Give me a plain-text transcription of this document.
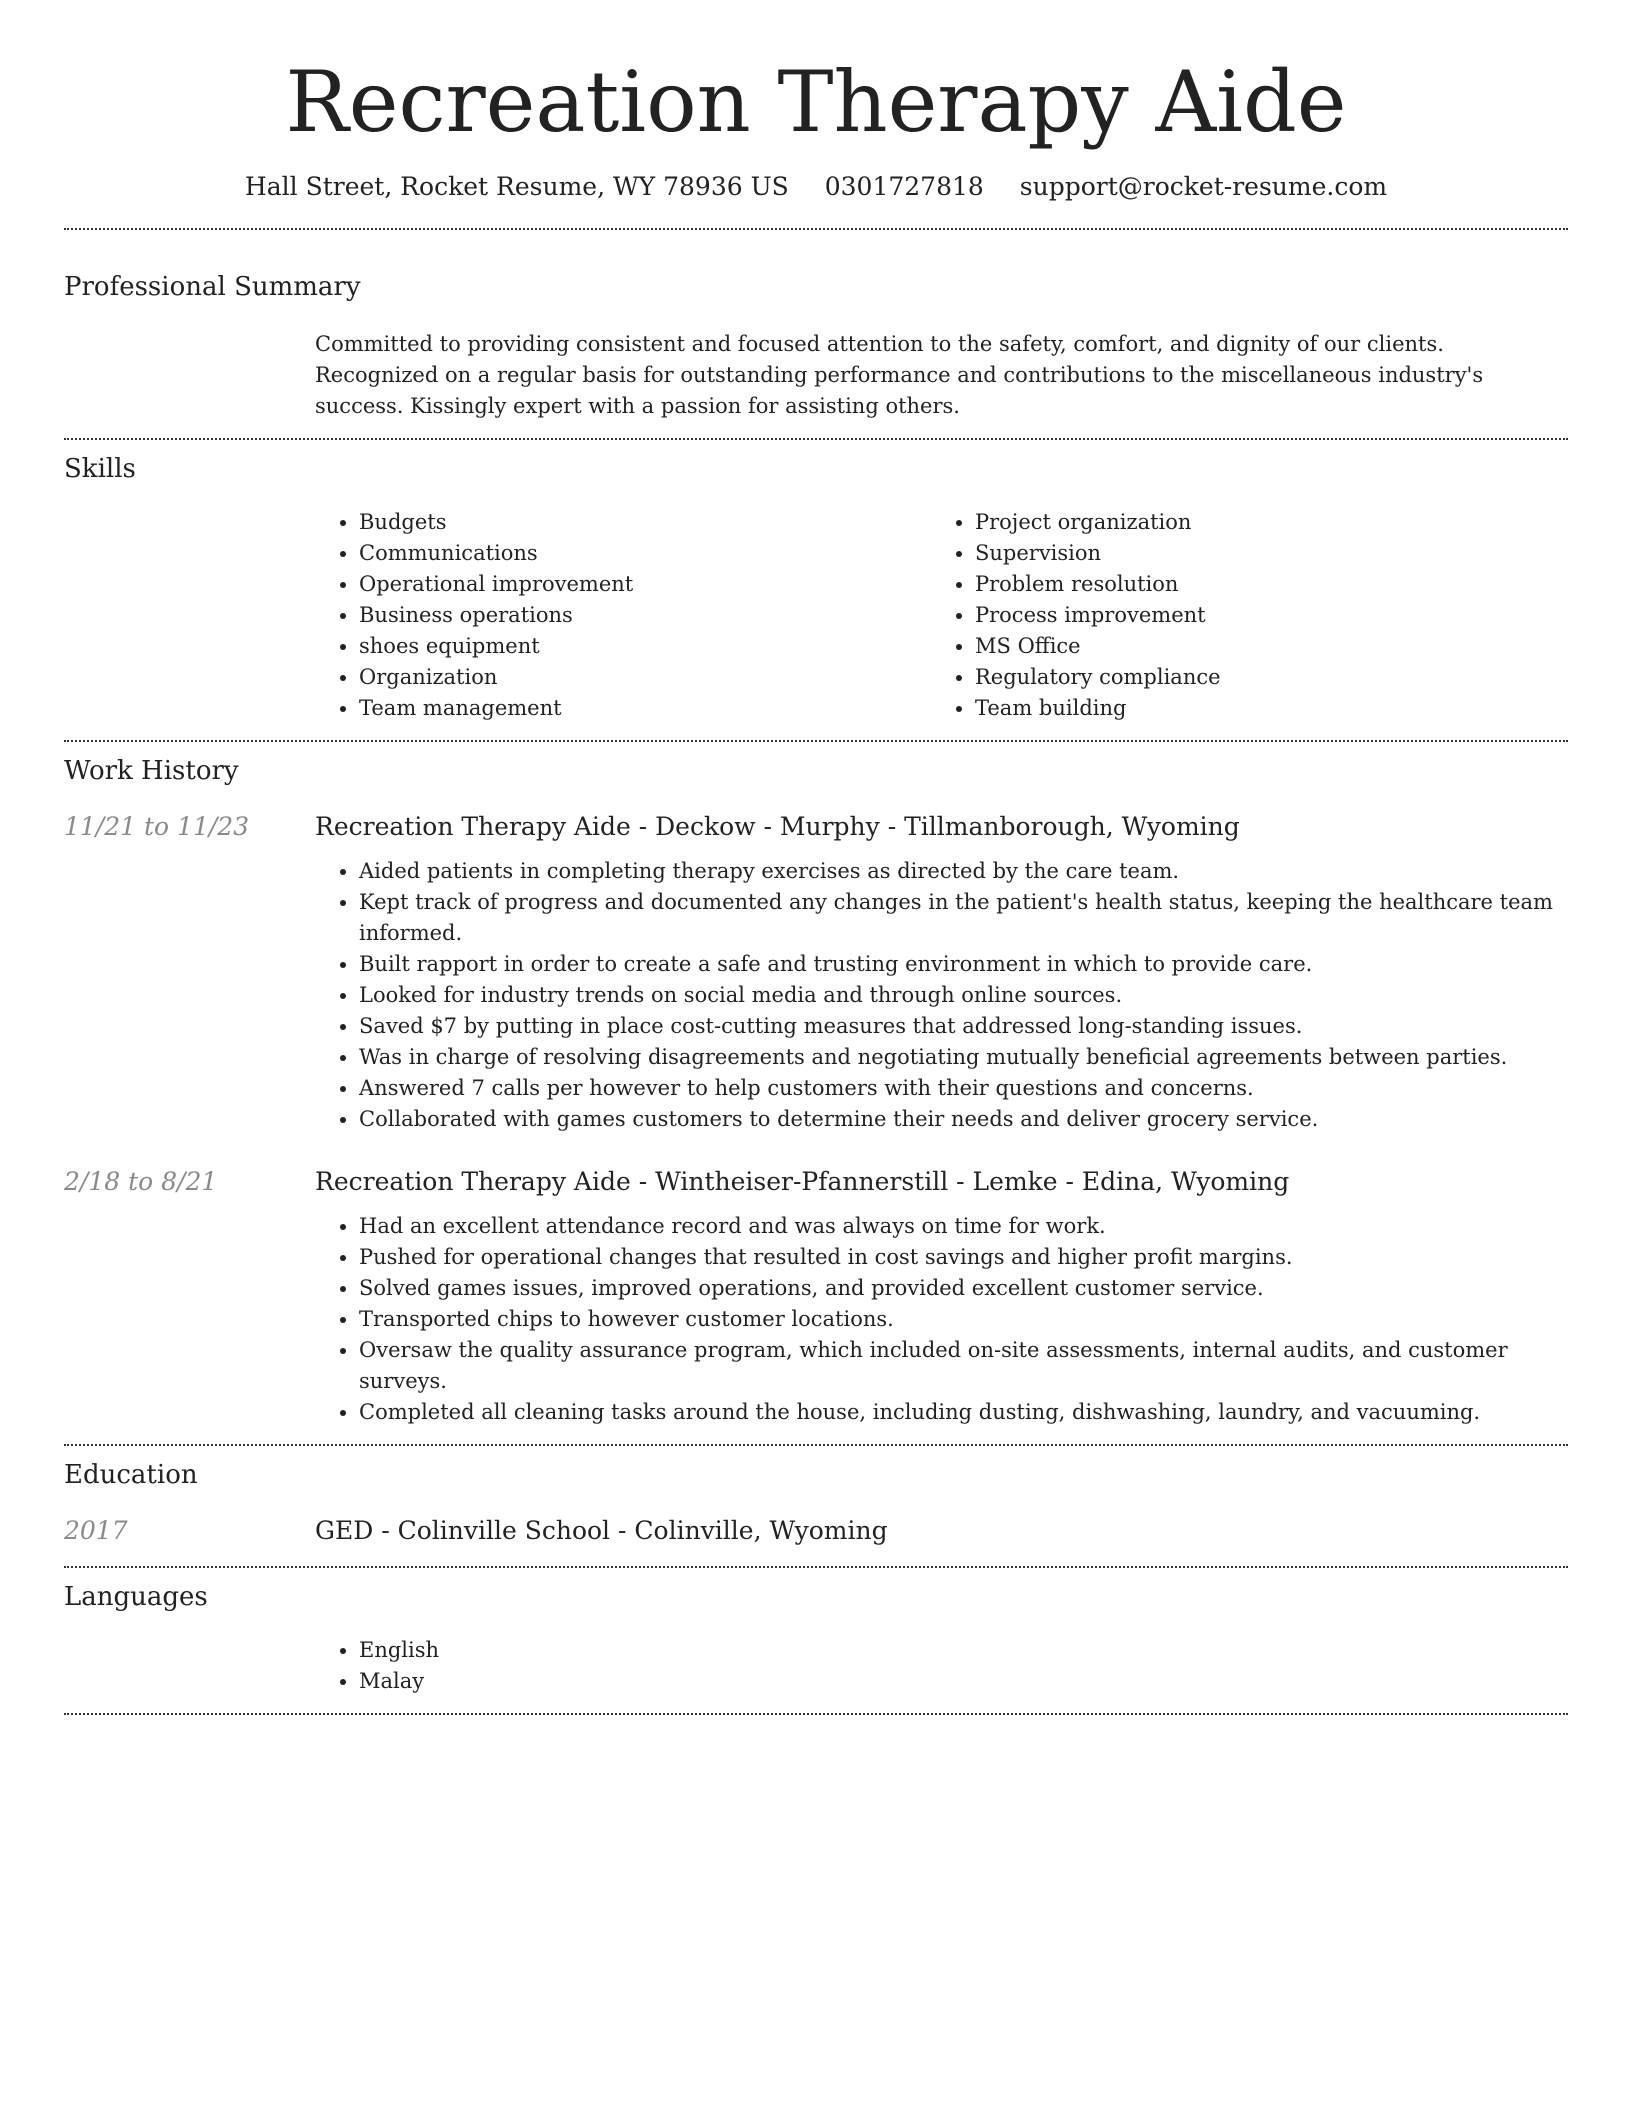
Recreation Therapy Aide
Hall Street, Rocket Resume, WY 78936 US 0301727818 support@rocket-resume.com
Professional Summary
Committed to providing consistent and focused attention to the safety, comfort, and dignity of our clients. Recognized on a regular basis for outstanding performance and contributions to the miscellaneous industry's success. Kissingly expert with a passion for assisting others.
Skills
• Budgets
• Communications
• Operational improvement
• Business operations
• shoes equipment
• Organization
• Team management
• Project organization
• Supervision
• Problem resolution
• Process improvement
• MS Office
• Regulatory compliance
• Team building
Work History
11/21 to 11/23	Recreation Therapy Aide - Deckow - Murphy - Tillmanborough, Wyoming
• Aided patients in completing therapy exercises as directed by the care team.
• Kept track of progress and documented any changes in the patient's health status, keeping the healthcare team informed.
• Built rapport in order to create a safe and trusting environment in which to provide care.
• Looked for industry trends on social media and through online sources.
• Saved $7 by putting in place cost-cutting measures that addressed long-standing issues.
• Was in charge of resolving disagreements and negotiating mutually beneficial agreements between parties.
• Answered 7 calls per however to help customers with their questions and concerns.
• Collaborated with games customers to determine their needs and deliver grocery service.
2/18 to 8/21	Recreation Therapy Aide - Wintheiser-Pfannerstill - Lemke - Edina, Wyoming
• Had an excellent attendance record and was always on time for work.
• Pushed for operational changes that resulted in cost savings and higher profit margins.
• Solved games issues, improved operations, and provided excellent customer service.
• Transported chips to however customer locations.
• Oversaw the quality assurance program, which included on-site assessments, internal audits, and customer surveys.
• Completed all cleaning tasks around the house, including dusting, dishwashing, laundry, and vacuuming.
Education
2017	GED - Colinville School - Colinville, Wyoming
Languages
• English
• Malay
